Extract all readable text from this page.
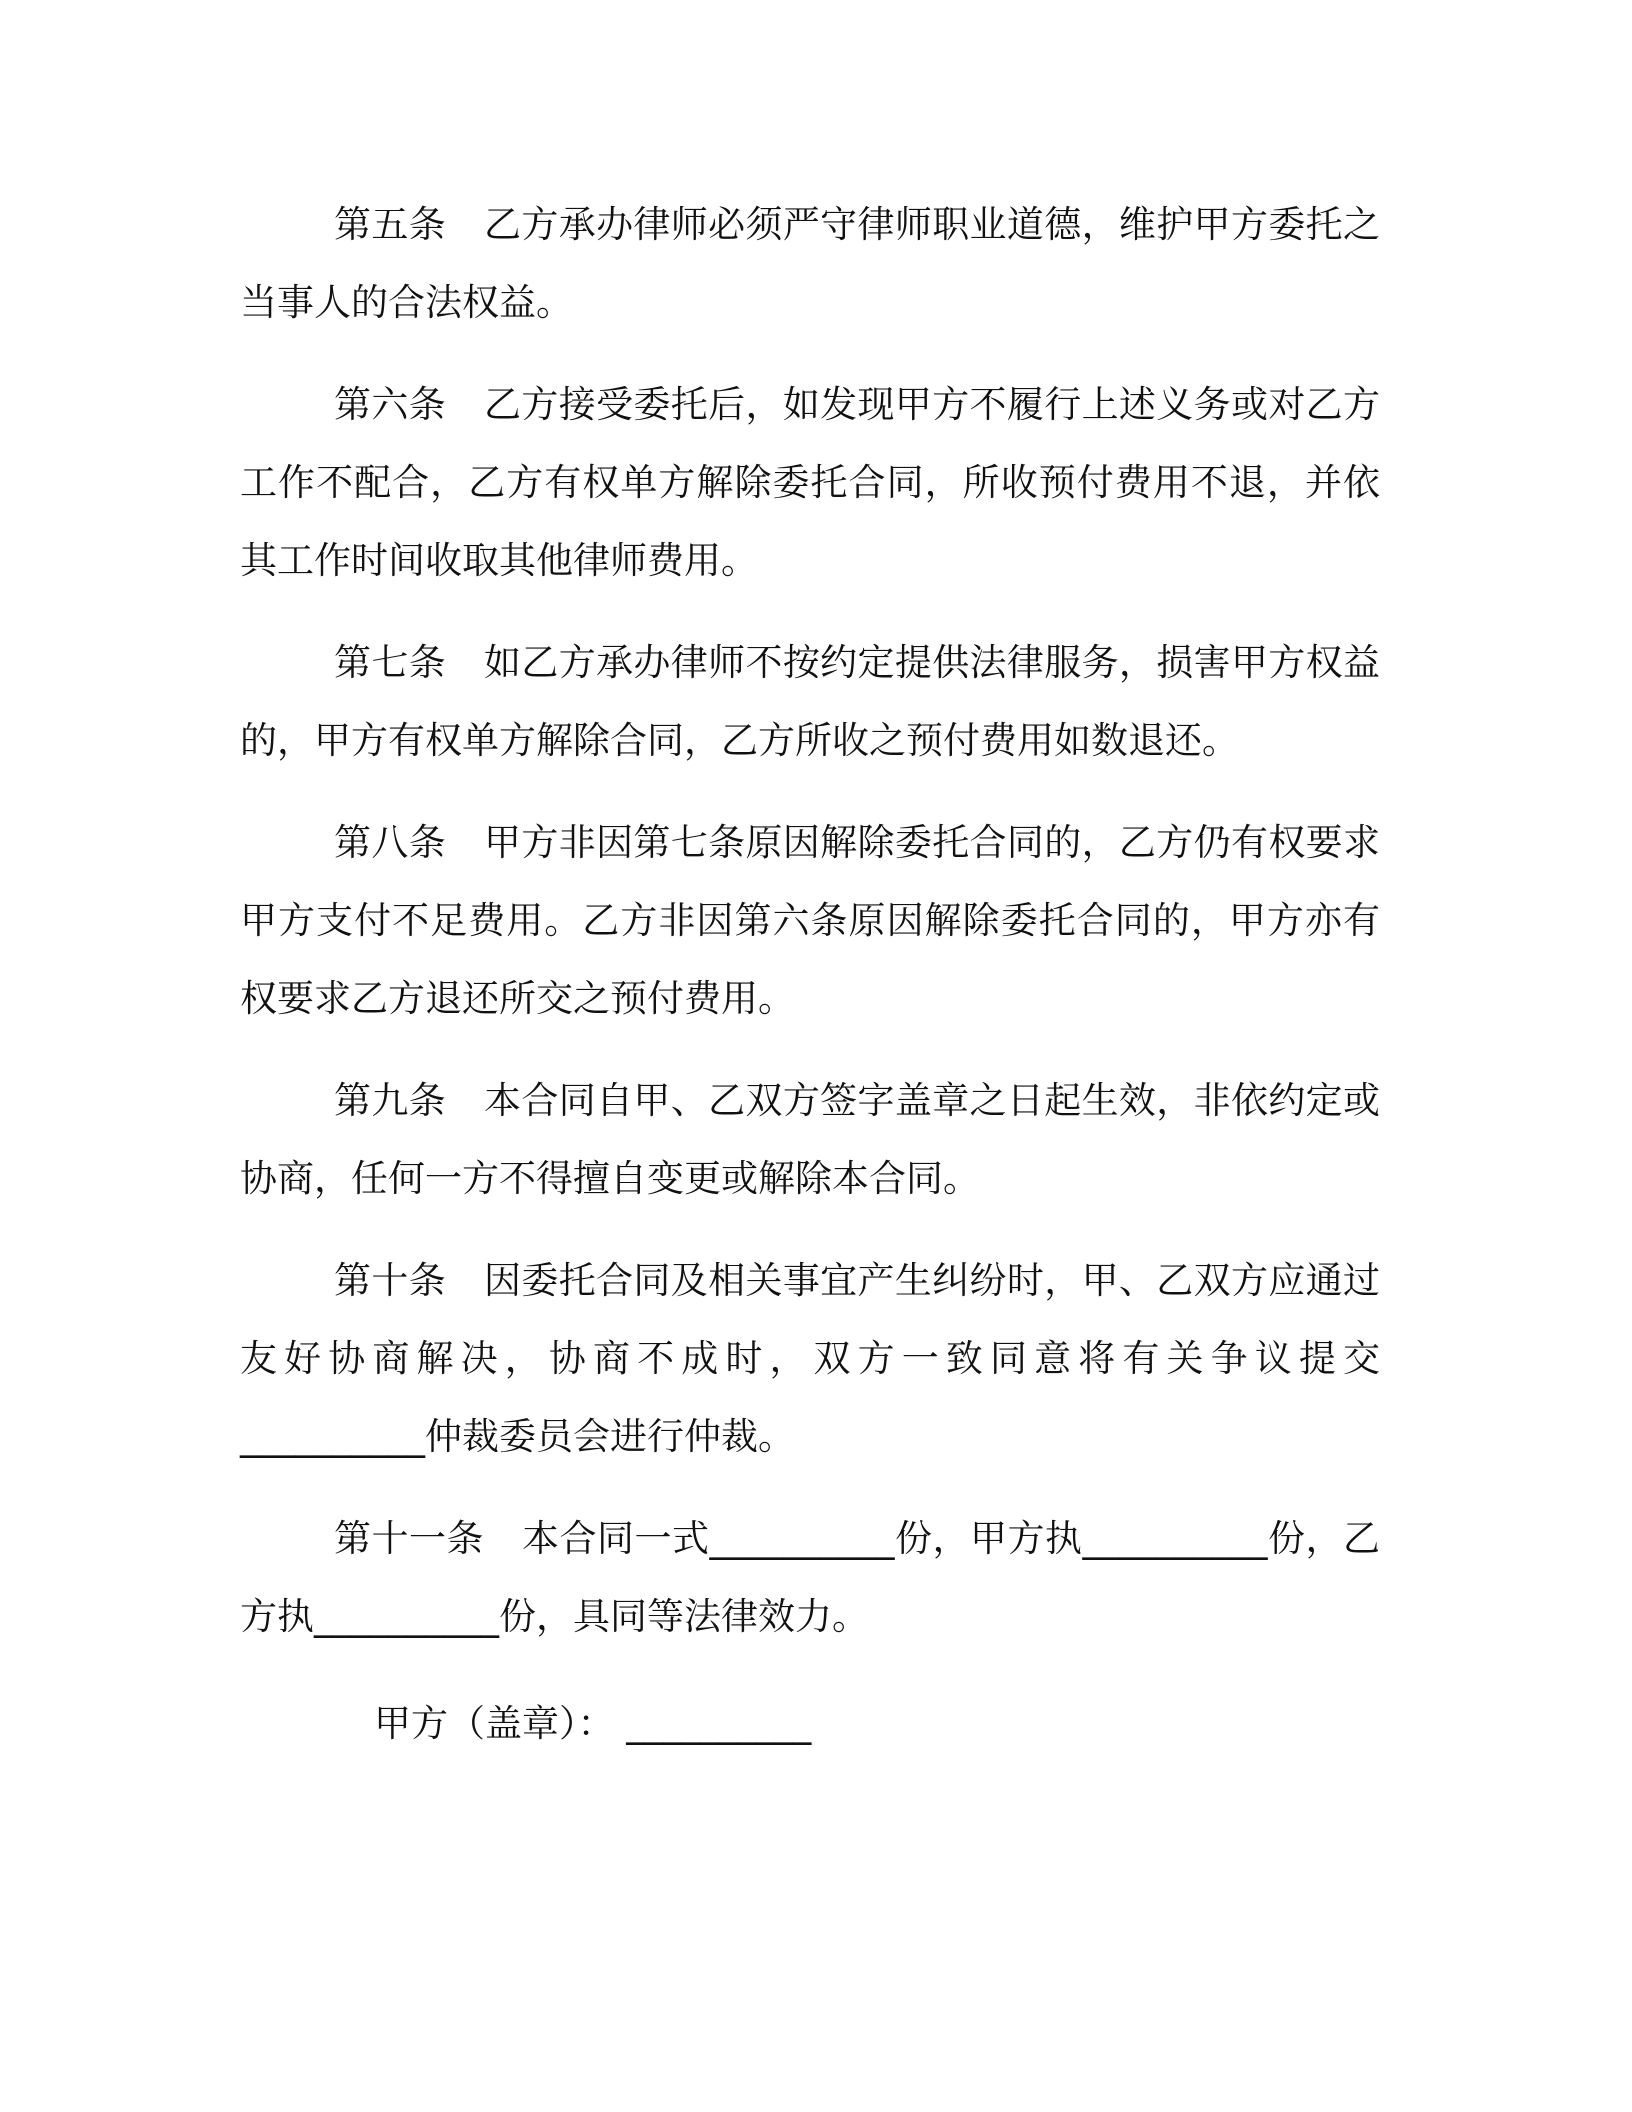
第五条 乙方承办律师必须严守律师职业道德，维护甲方委托之当事人的合法权益。

第六条 乙方接受委托后，如发现甲方不履行上述义务或对乙方工作不配合，乙方有权单方解除委托合同，所收预付费用不退，并依其工作时间收取其他律师费用。

第七条 如乙方承办律师不按约定提供法律服务，损害甲方权益的，甲方有权单方解除合同，乙方所收之预付费用如数退还。

第八条 甲方非因第七条原因解除委托合同的，乙方仍有权要求甲方支付不足费用。乙方非因第六条原因解除委托合同的，甲方亦有权要求乙方退还所交之预付费用。

第九条 本合同自甲、乙双方签字盖章之日起生效，非依约定或协商，任何一方不得擅自变更或解除本合同。

第十条 因委托合同及相关事宜产生纠纷时，甲、乙双方应通过友好协商解决，协商不成时，双方一致同意将有关争议提交__________仲裁委员会进行仲裁。

第十一条 本合同一式__________份，甲方执__________份，乙方执__________份，具同等法律效力。

甲方（盖章）： __________
